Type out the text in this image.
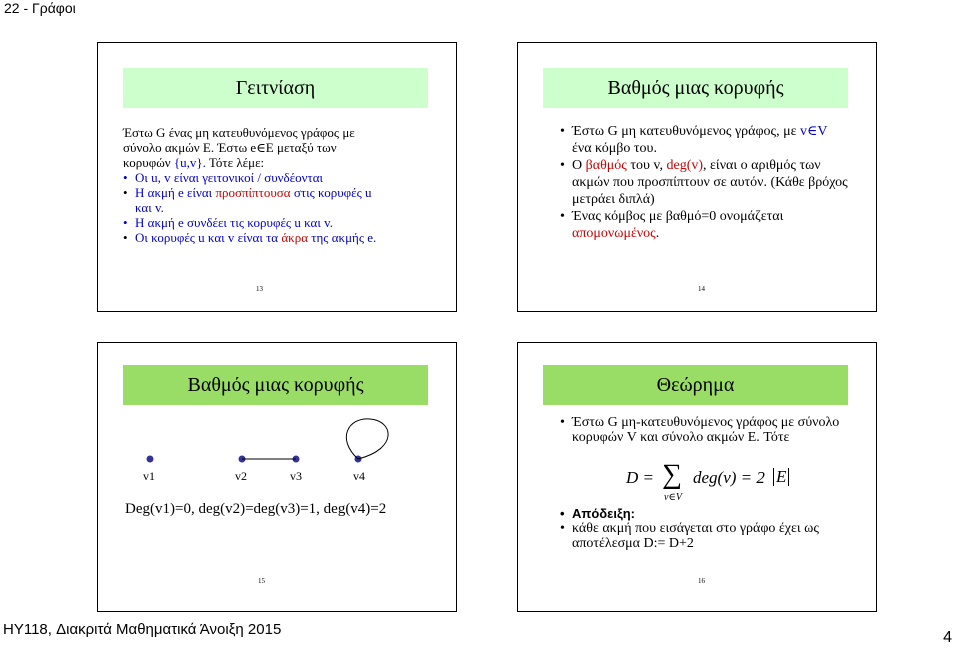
22 - Γράφοι
Γειτνίαση

Έστω G ένας μη κατευθυνόμενος γράφος με σύνολο ακμών E. Έστω e∈E μεταξύ των κορυφών {u,v}. Τότε λέμε:

• Οι u, v είναι γειτονικοί / συνδέονται

• Η ακμή e είναι προσπίπτουσα στις κορυφές u και v.

• Η ακμή e συνδέει τις κορυφές u και v.

• Οι κορυφές u και v είναι τα άκρα της ακμής e.

13
Βαθμός μιας κορυφής

• Έστω G μη κατευθυνόμενος γράφος, με v∈V ένα κόμβο του.

• Ο βαθμός του v, deg(v), είναι ο αριθμός των ακμών που προσπίπτουν σε αυτόν. (Κάθε βρόχος μετράει διπλά)

• Ένας κόμβος με βαθμό=0 ονομάζεται απομονωμένος.

14
Βαθμός μιας κορυφής
v1	v2	v3	v4
Deg(v1)=0, deg(v2)=deg(v3)=1, deg(v4)=2
15
Θεώρημα

• Έστω G μη-κατευθυνόμενος γράφος με σύνολο κορυφών V και σύνολο ακμών E. Τότε

D = ∑ deg(v) = 2 E
v∈V

• Απόδειξη:

• κάθε ακμή που εισάγεται στο γράφο έχει ως αποτέλεσμα D:= D+2

16
HY118, Διακριτά Μαθηματικά Άνοιξη 2015	4
